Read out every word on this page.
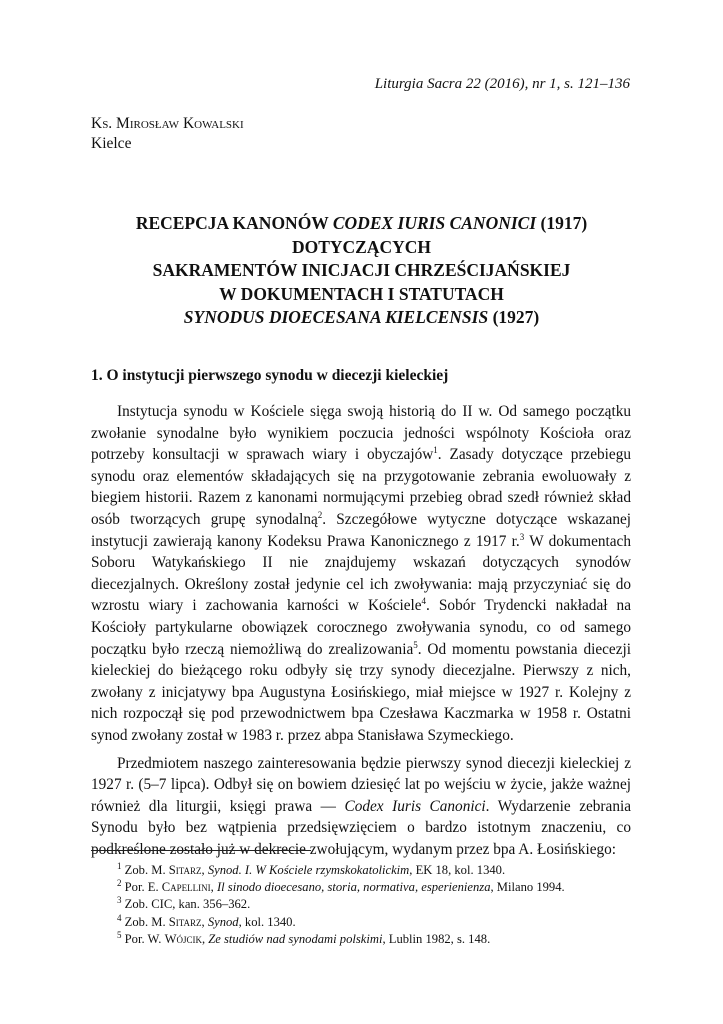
Liturgia Sacra 22 (2016), nr 1, s. 121–136
Ks. Mirosław Kowalski
Kielce
RECEPCJA KANONÓW CODEX IURIS CANONICI (1917)
DOTYCZĄCYCH
SAKRAMENTÓW INICJACJI CHRZEŚCIJAŃSKIEJ
W DOKUMENTACH I STATUTACH
SYNODUS DIOECESANA KIELCENSIS (1927)
1. O instytucji pierwszego synodu w diecezji kieleckiej

Instytucja synodu w Kościele sięga swoją historią do II w. Od samego początku zwołanie synodalne było wynikiem poczucia jedności wspólnoty Kościoła oraz potrzeby konsultacji w sprawach wiary i obyczajów$^1$. Zasady dotyczące przebiegu synodu oraz elementów składających się na przygotowanie zebrania ewoluowały z biegiem historii. Razem z kanonami normującymi przebieg obrad szedł również skład osób tworzących grupę synodalną$^2$. Szczegółowe wytyczne dotyczące wskazanej instytucji zawierają kanony Kodeksu Prawa Kanonicznego z 1917 r.$^3$ W dokumentach Soboru Watykańskiego II nie znajdujemy wskazań dotyczących synodów diecezjalnych. Określony został jedynie cel ich zwoływania: mają przyczyniać się do wzrostu wiary i zachowania karności w Kościele$^4$. Sobór Trydencki nakładał na Kościoły partykularne obowiązek corocznego zwoływania synodu, co od samego początku było rzeczą niemożliwą do zrealizowania$^5$. Od momentu powstania diecezji kieleckiej do bieżącego roku odbyły się trzy synody diecezjalne. Pierwszy z nich, zwołany z inicjatywy bpa Augustyna Łosińskiego, miał miejsce w 1927 r. Kolejny z nich rozpoczął się pod przewodnictwem bpa Czesława Kaczmarka w 1958 r. Ostatni synod zwołany został w 1983 r. przez abpa Stanisława Szymeckiego.

Przedmiotem naszego zainteresowania będzie pierwszy synod diecezji kieleckiej z 1927 r. (5–7 lipca). Odbył się on bowiem dziesięć lat po wejściu w życie, jakże ważnej również dla liturgii, księgi prawa — Codex Iuris Canonici. Wydarzenie zebrania Synodu było bez wątpienia przedsięwzięciem o bardzo istotnym znaczeniu, co podkreślone zostało już w dekrecie zwołującym, wydanym przez bpa A. Łosińskiego:

$^1$ Zob. M. Sitarz, Synod. I. W Kościele rzymskokatolickim, EK 18, kol. 1340.
$^2$ Por. E. Capellini, Il sinodo dioecesano, storia, normativa, esperienienza, Milano 1994.
$^3$ Zob. CIC, kan. 356–362.
$^4$ Zob. M. Sitarz, Synod, kol. 1340.
$^5$ Por. W. Wójcik, Ze studiów nad synodami polskimi, Lublin 1982, s. 148.
